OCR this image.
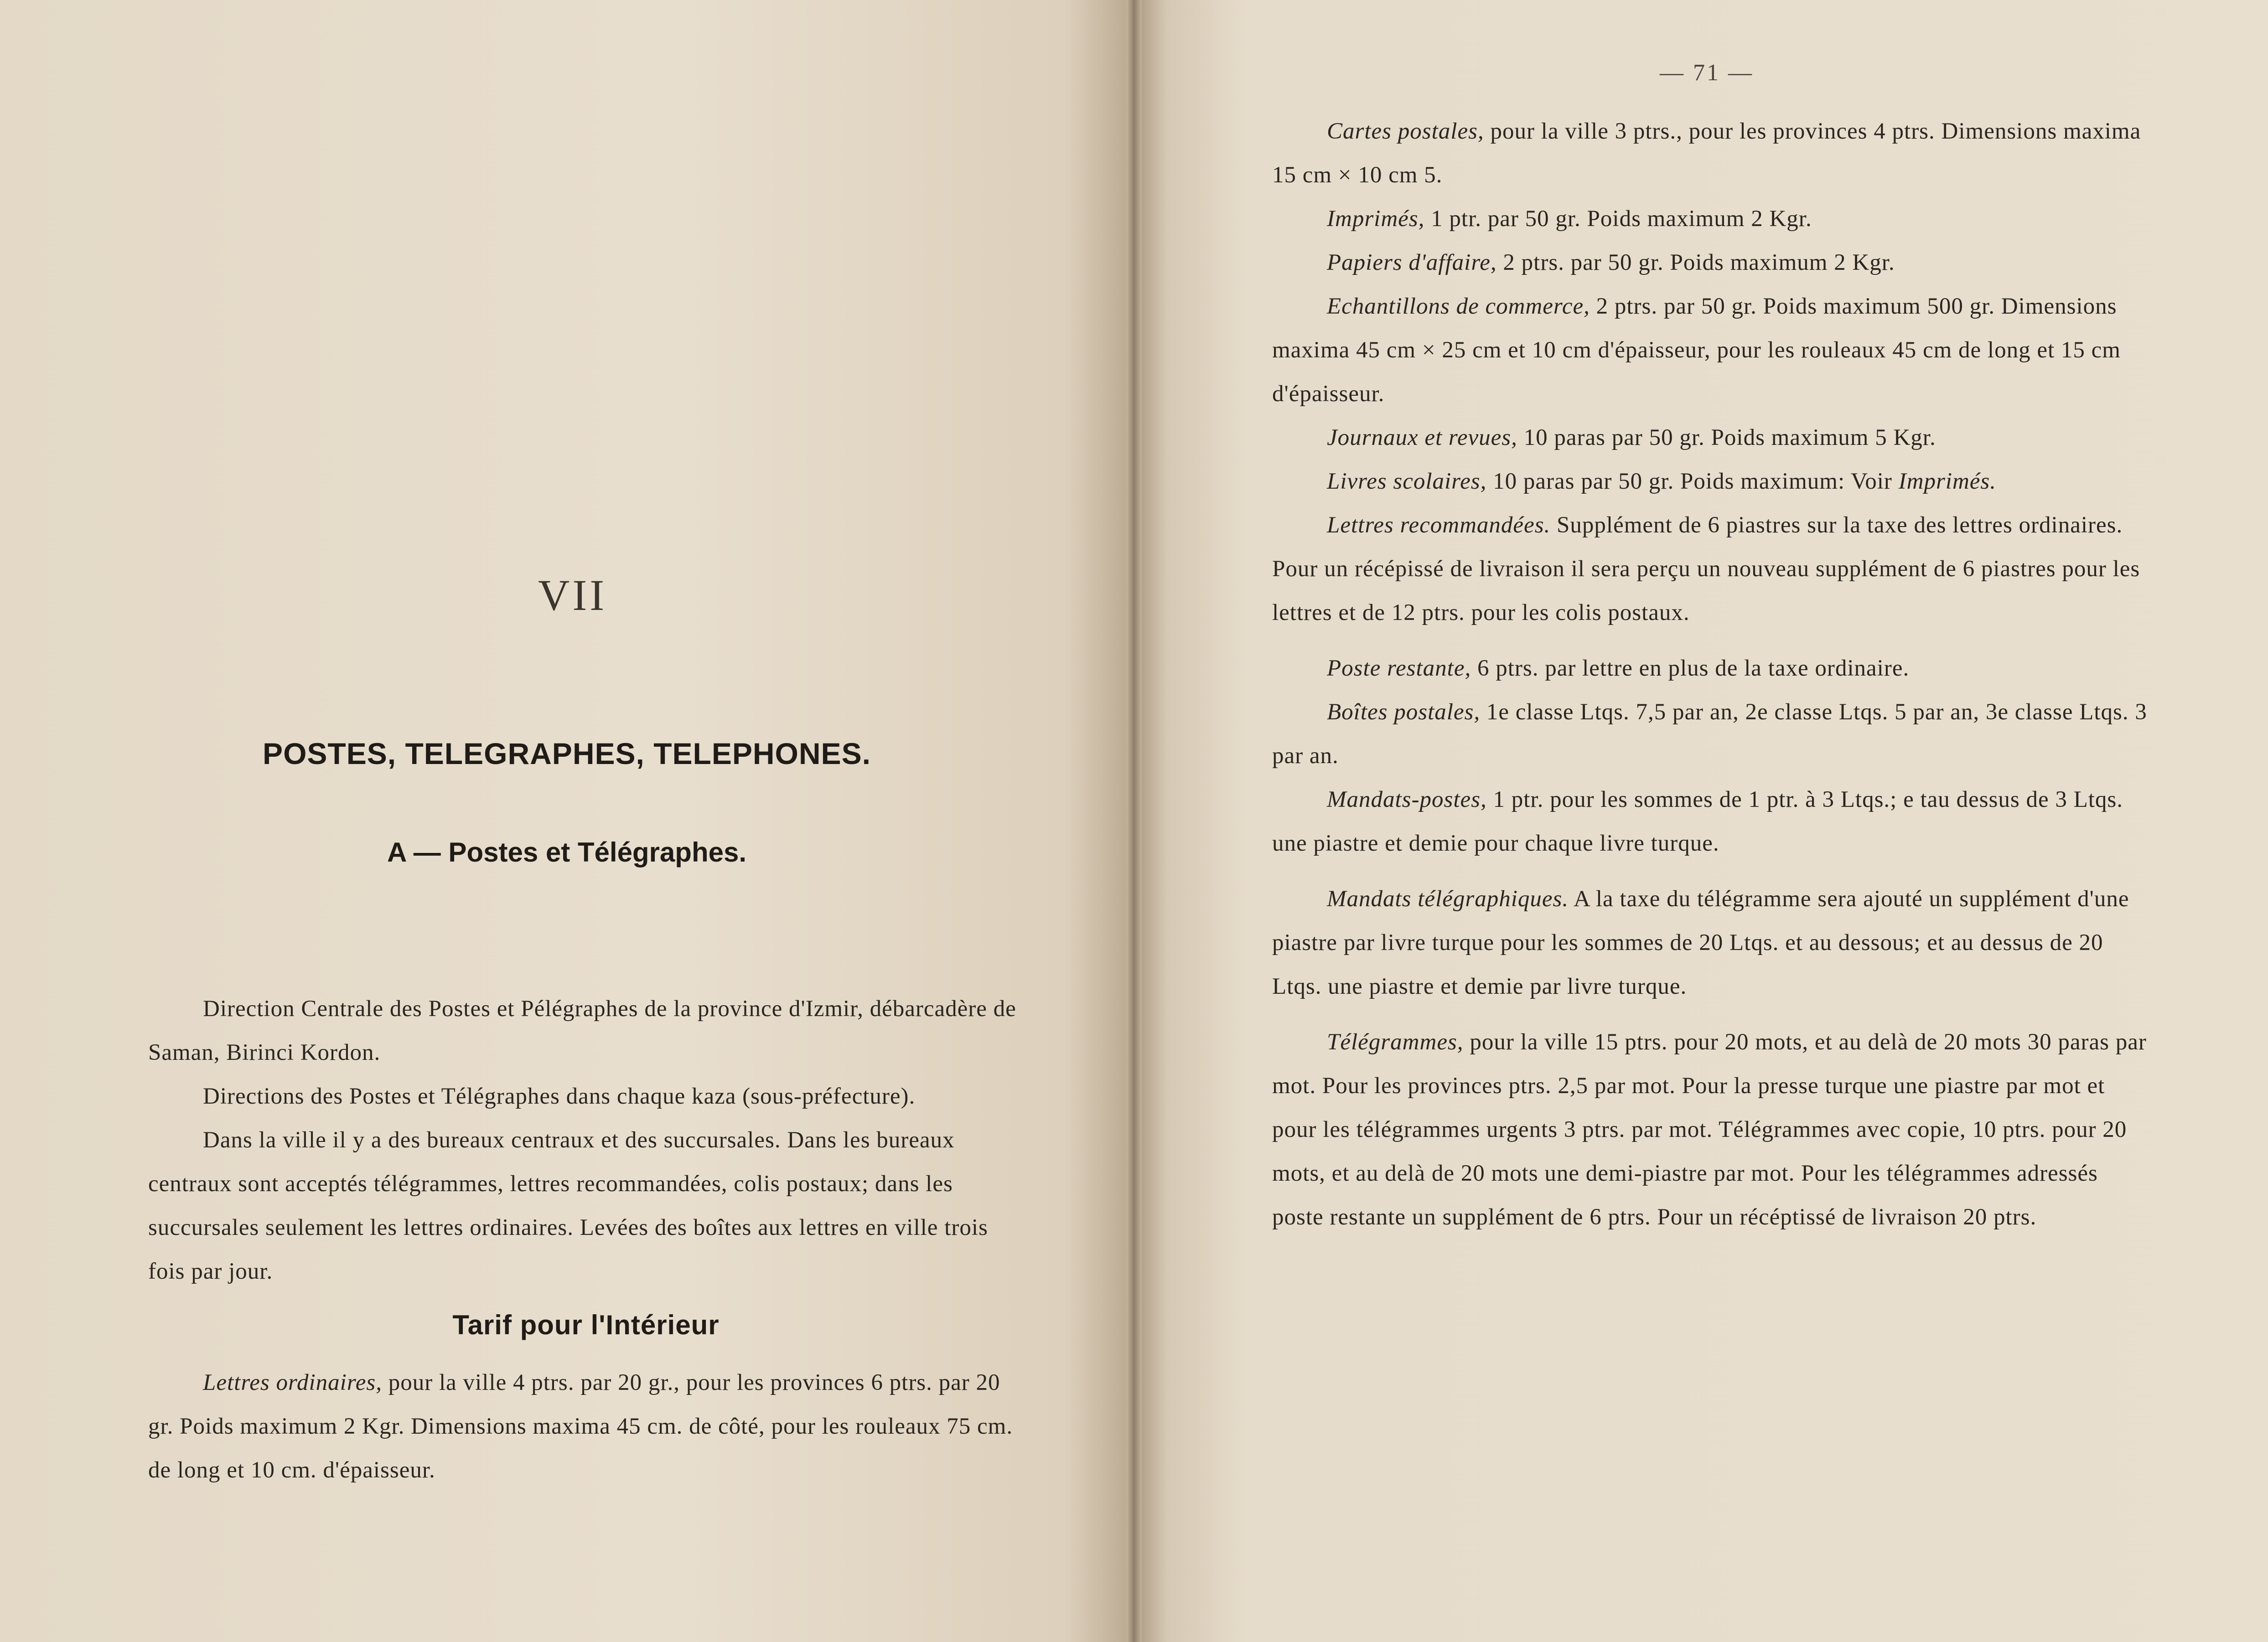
VII
POSTES, TELEGRAPHES, TELEPHONES.
A — Postes et Télégraphes.

Direction Centrale des Postes et Pélégraphes de la province d'Izmir, débarcadère de Saman, Birinci Kordon.

Directions des Postes et Télégraphes dans chaque kaza (sous-préfecture).

Dans la ville il y a des bureaux centraux et des succursales. Dans les bureaux centraux sont acceptés télégrammes, lettres recommandées, colis postaux; dans les succursales seulement les lettres ordinaires. Levées des boîtes aux lettres en ville trois fois par jour.

Tarif pour l'Intérieur

Lettres ordinaires, pour la ville 4 ptrs. par 20 gr., pour les provinces 6 ptrs. par 20 gr. Poids maximum 2 Kgr. Dimensions maxima 45 cm. de côté, pour les rouleaux 75 cm. de long et 10 cm. d'épaisseur.

— 71 —

Cartes postales, pour la ville 3 ptrs., pour les provinces 4 ptrs. Dimensions maxima 15 cm × 10 cm 5.

Imprimés, 1 ptr. par 50 gr. Poids maximum 2 Kgr.

Papiers d'affaire, 2 ptrs. par 50 gr. Poids maximum 2 Kgr.

Echantillons de commerce, 2 ptrs. par 50 gr. Poids maximum 500 gr. Dimensions maxima 45 cm × 25 cm et 10 cm d'épaisseur, pour les rouleaux 45 cm de long et 15 cm d'épaisseur.

Journaux et revues, 10 paras par 50 gr. Poids maximum 5 Kgr.

Livres scolaires, 10 paras par 50 gr. Poids maximum: Voir Imprimés.

Lettres recommandées. Supplément de 6 piastres sur la taxe des lettres ordinaires. Pour un récépissé de livraison il sera perçu un nouveau supplément de 6 piastres pour les lettres et de 12 ptrs. pour les colis postaux.

Poste restante, 6 ptrs. par lettre en plus de la taxe ordinaire.

Boîtes postales, 1e classe Ltqs. 7,5 par an, 2e classe Ltqs. 5 par an, 3e classe Ltqs. 3 par an.

Mandats-postes, 1 ptr. pour les sommes de 1 ptr. à 3 Ltqs.; e tau dessus de 3 Ltqs. une piastre et demie pour chaque livre turque.

Mandats télégraphiques. A la taxe du télégramme sera ajouté un supplément d'une piastre par livre turque pour les sommes de 20 Ltqs. et au dessous; et au dessus de 20 Ltqs. une piastre et demie par livre turque.

Télégrammes, pour la ville 15 ptrs. pour 20 mots, et au delà de 20 mots 30 paras par mot. Pour les provinces ptrs. 2,5 par mot. Pour la presse turque une piastre par mot et pour les télégrammes urgents 3 ptrs. par mot. Télégrammes avec copie, 10 ptrs. pour 20 mots, et au delà de 20 mots une demi-piastre par mot. Pour les télégrammes adressés poste restante un supplément de 6 ptrs. Pour un récéptissé de livraison 20 ptrs.
